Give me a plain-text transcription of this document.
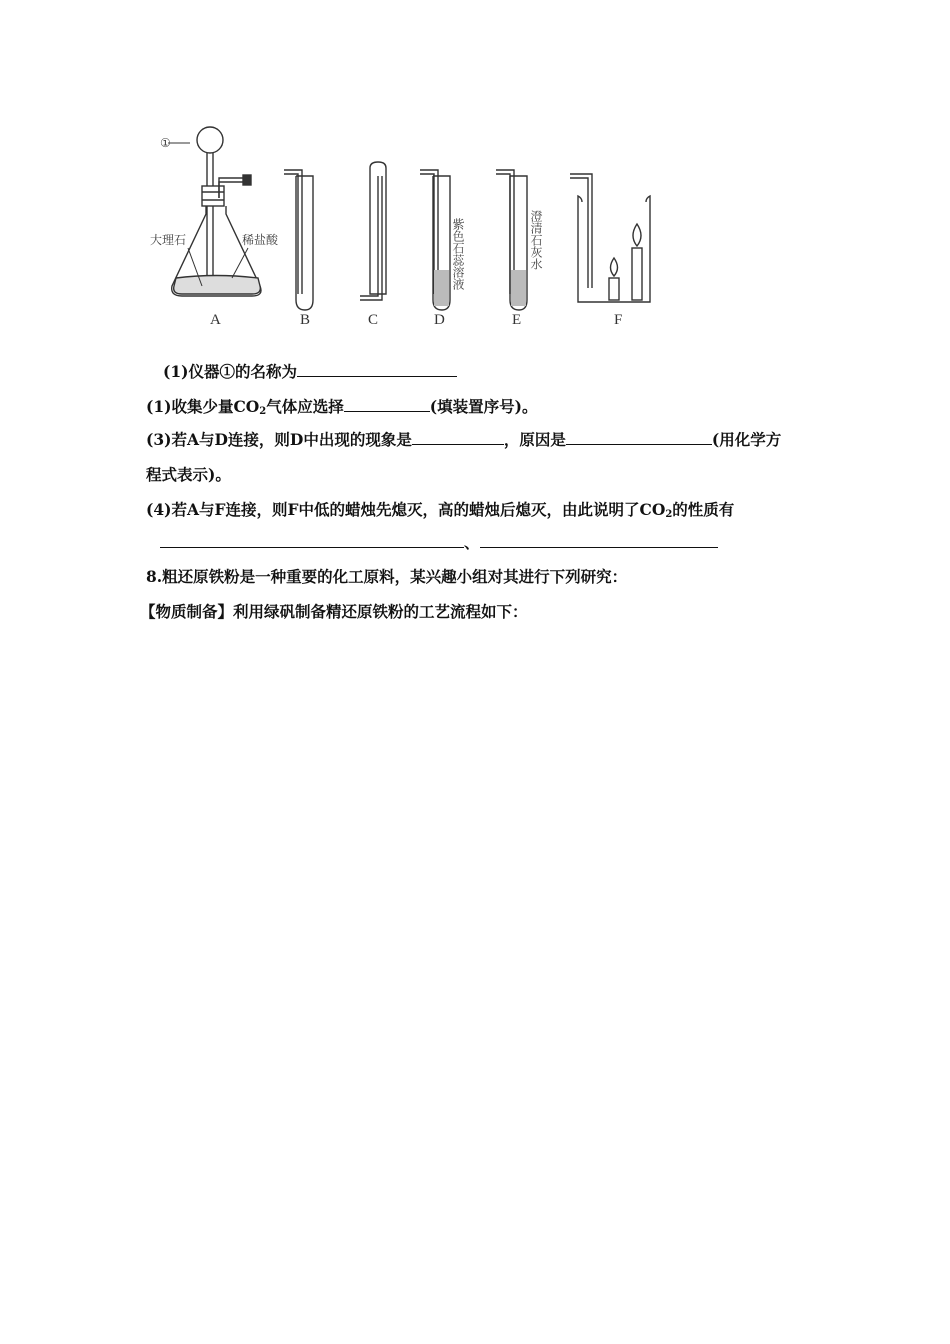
①
大理石	稀盐酸	紫色石蕊溶液	澄清石灰水
A	B	C	D	E	F
(1)仪器①的名称为
(1)收集少量$CO_2$气体应选择	(填装置序号)。
(3)若A与D连接，则D中出现的现象是	，原因是	(用化学方
程式表示)。
(4)若A与F连接，则F中低的蜡烛先熄灭，高的蜡烛后熄灭，由此说明了$CO_2$的性质有
、
8.粗还原铁粉是一种重要的化工原料，某兴趣小组对其进行下列研究：
【物质制备】利用绿矾制备精还原铁粉的工艺流程如下：
